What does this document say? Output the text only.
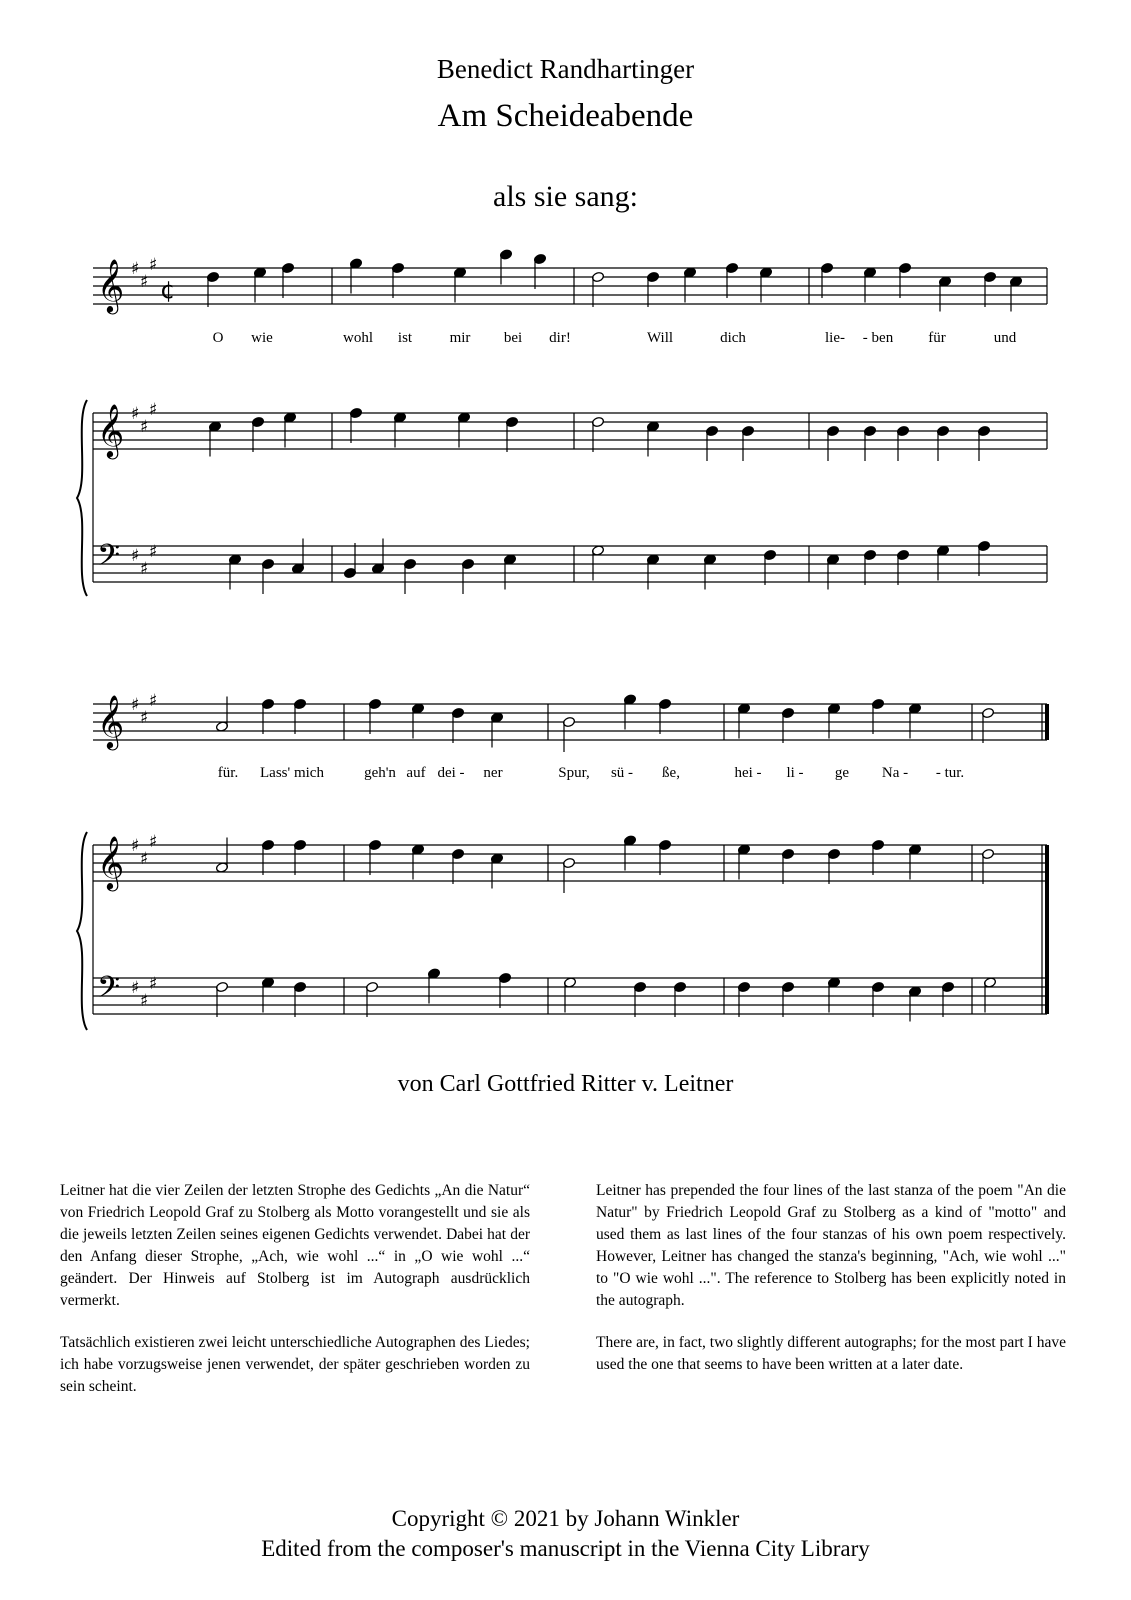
Benedict Randhartinger
Am Scheideabende
als sie sang:
𝄞 ♯
♯
♯
¢
O wie	wohl ist mir bei dir!	Will	dich	lie- - ben für	und
𝄞 ♯
♯
♯
𝄢 ♯
♯
♯
𝄞 ♯
♯
♯
für. Lass' mich	geh'n auf dei - ner	Spur, sü - ße,	hei - li - ge Na - - tur.
𝄞 ♯
♯
♯
𝄢 ♯
♯
♯
von Carl Gottfried Ritter v. Leitner

Leitner hat die vier Zeilen der letzten Strophe des Gedichts „An die Natur“ von Friedrich Leopold Graf zu Stolberg als Motto vorangestellt und sie als die jeweils letzten Zeilen seines eigenen Gedichts verwendet. Dabei hat der den Anfang dieser Strophe, „Ach, wie wohl ...“ in „O wie wohl ...“ geändert. Der Hinweis auf Stolberg ist im Autograph ausdrücklich vermerkt.

Tatsächlich existieren zwei leicht unterschiedliche Autographen des Liedes; ich habe vorzugsweise jenen verwendet, der später geschrieben worden zu sein scheint.

Leitner has prepended the four lines of the last stanza of the poem "An die Natur" by Friedrich Leopold Graf zu Stolberg as a kind of "motto" and used them as last lines of the four stanzas of his own poem respectively. However, Leitner has changed the stanza's beginning, "Ach, wie wohl ..." to "O wie wohl ...". The reference to Stolberg has been explicitly noted in the autograph.

There are, in fact, two slightly different autographs; for the most part I have used the one that seems to have been written at a later date.

Copyright © 2021 by Johann Winkler
Edited from the composer's manuscript in the Vienna City Library
